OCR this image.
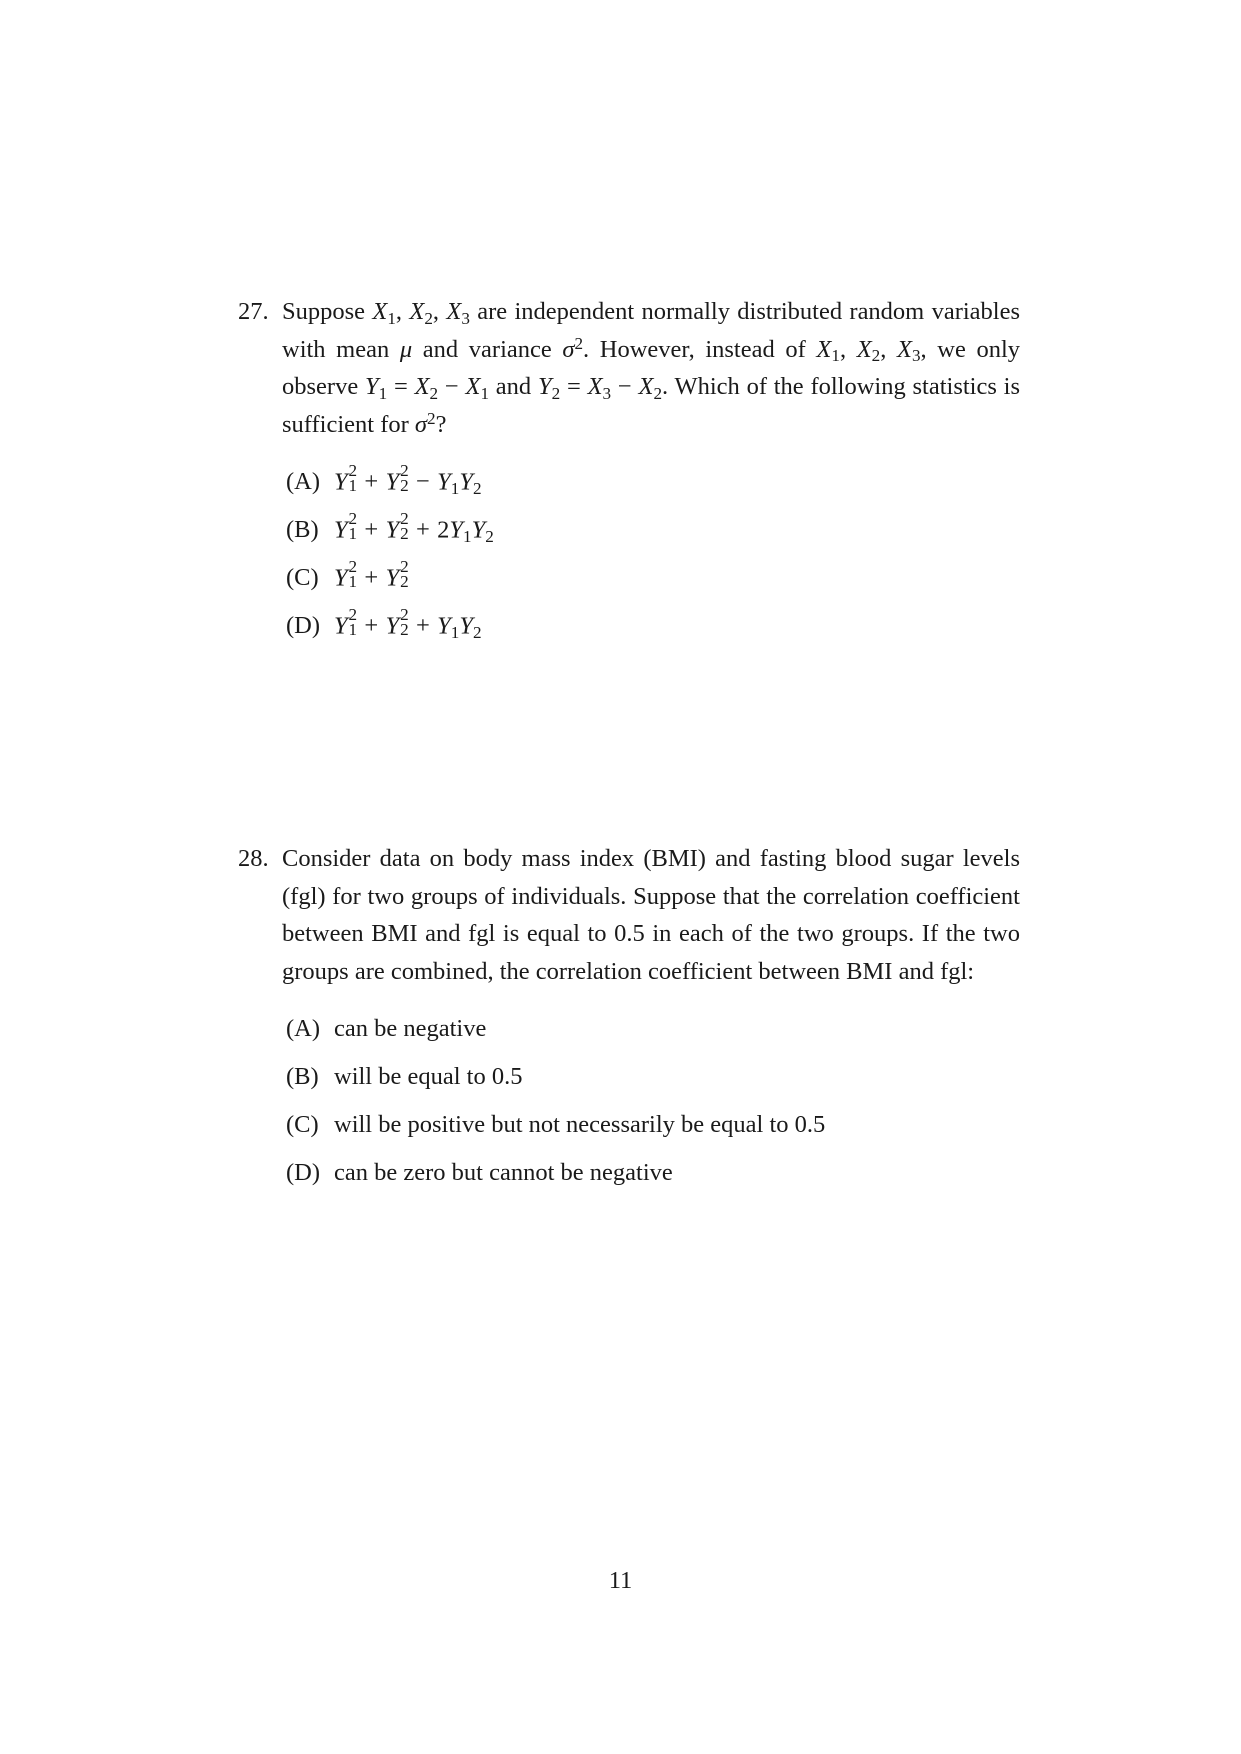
27. Suppose $X_1$, $X_2$, $X_3$ are independent normally distributed random variables with mean μ and variance $\sigma^2$. However, instead of $X_1$, $X_2$, $X_3$, we only observe $Y_1 = X_2 - X_1$ and $Y_2 = X_3 - X_2$. Which of the following statistics is sufficient for $\sigma^2$?
(A) Y 2
1 + Y 2
$2 - Y_1Y_2$
(B) Y 2
1 + Y 2
$2 + 2Y_1Y_2$
(C) Y 2
1 + Y 2
2
(D) Y 2
1 + Y 2
$2 + Y_1Y_2$
28. Consider data on body mass index (BMI) and fasting blood sugar levels (fgl) for two groups of individuals. Suppose that the correlation coefficient between BMI and fgl is equal to 0.5 in each of the two groups. If the two groups are combined, the correlation coefficient between BMI and fgl:
(A) can be negative
(B) will be equal to 0.5
(C) will be positive but not necessarily be equal to 0.5
(D) can be zero but cannot be negative
11
